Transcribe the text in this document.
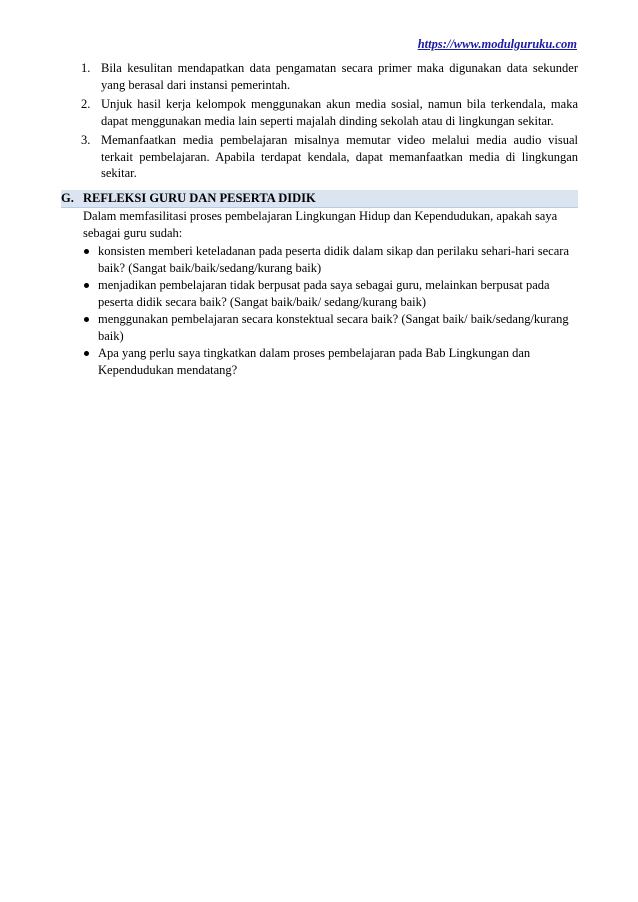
https://www.modulguruku.com
1. Bila kesulitan mendapatkan data pengamatan secara primer maka digunakan data sekunder yang berasal dari instansi pemerintah.
2. Unjuk hasil kerja kelompok menggunakan akun media sosial, namun bila terkendala, maka dapat menggunakan media lain seperti majalah dinding sekolah atau di lingkungan sekitar.
3. Memanfaatkan media pembelajaran misalnya memutar video melalui media audio visual terkait pembelajaran. Apabila terdapat kendala, dapat memanfaatkan media di lingkungan sekitar.
G. REFLEKSI GURU DAN PESERTA DIDIK
Dalam memfasilitasi proses pembelajaran Lingkungan Hidup dan Kependudukan, apakah saya sebagai guru sudah:
konsisten memberi keteladanan pada peserta didik dalam sikap dan perilaku sehari-hari secara baik? (Sangat baik/baik/sedang/kurang baik)
menjadikan pembelajaran tidak berpusat pada saya sebagai guru, melainkan berpusat pada peserta didik secara baik? (Sangat baik/baik/ sedang/kurang baik)
menggunakan pembelajaran secara konstektual secara baik? (Sangat baik/ baik/sedang/kurang baik)
Apa yang perlu saya tingkatkan dalam proses pembelajaran pada Bab Lingkungan dan Kependudukan mendatang?
